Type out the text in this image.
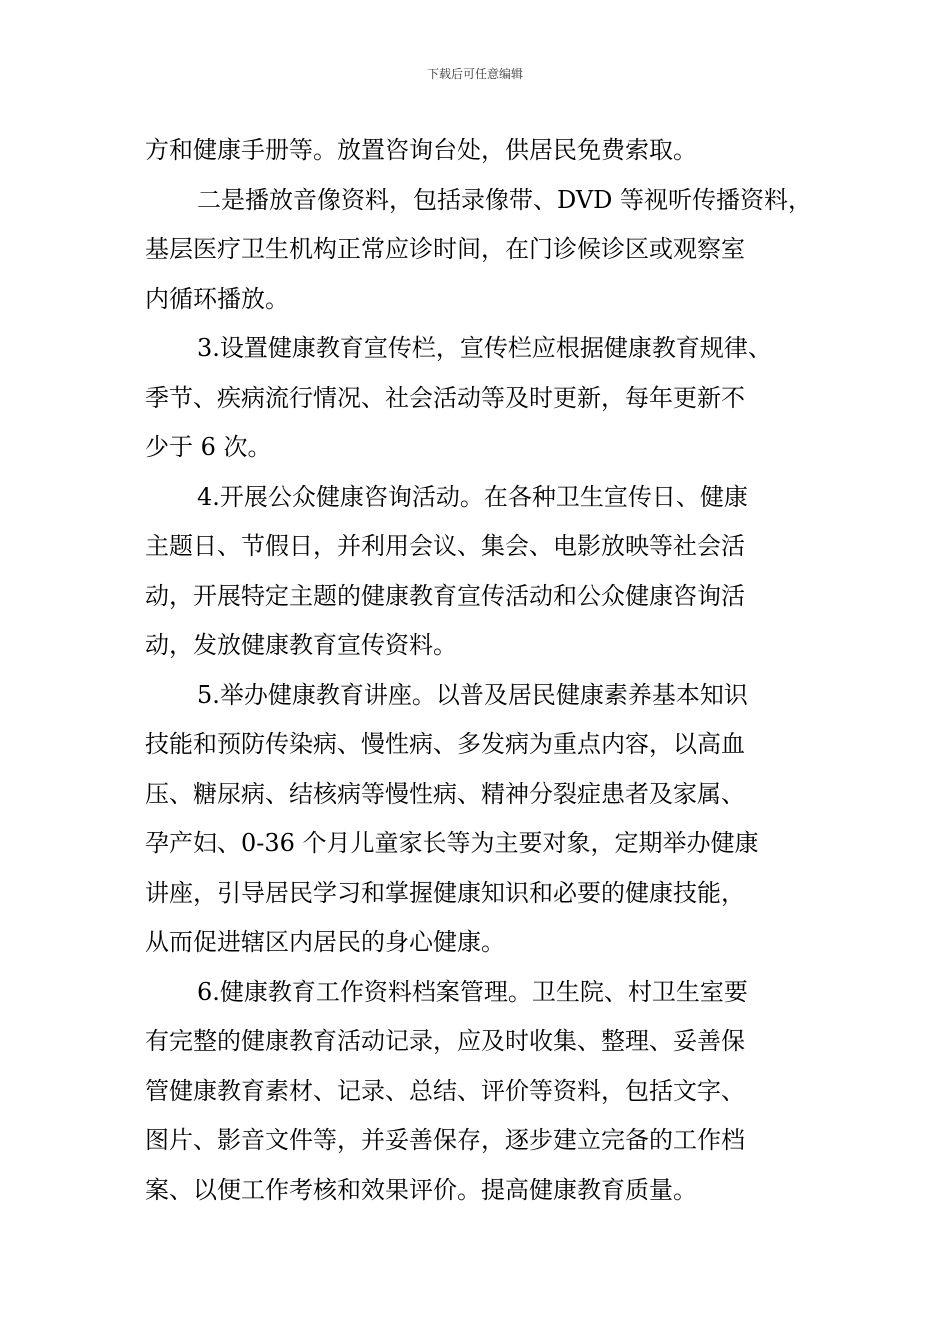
下载后可任意编辑
方和健康手册等。放置咨询台处，供居民免费索取。
二是播放音像资料，包括录像带、DVD 等视听传播资料，
基层医疗卫生机构正常应诊时间，在门诊候诊区或观察室
内循环播放。
3.设置健康教育宣传栏，宣传栏应根据健康教育规律、
季节、疾病流行情况、社会活动等及时更新，每年更新不
少于 6 次。
4.开展公众健康咨询活动。在各种卫生宣传日、健康
主题日、节假日，并利用会议、集会、电影放映等社会活
动，开展特定主题的健康教育宣传活动和公众健康咨询活
动，发放健康教育宣传资料。
5.举办健康教育讲座。以普及居民健康素养基本知识
技能和预防传染病、慢性病、多发病为重点内容，以高血
压、糖尿病、结核病等慢性病、精神分裂症患者及家属、
孕产妇、0-36 个月儿童家长等为主要对象，定期举办健康
讲座，引导居民学习和掌握健康知识和必要的健康技能，
从而促进辖区内居民的身心健康。
6.健康教育工作资料档案管理。卫生院、村卫生室要
有完整的健康教育活动记录，应及时收集、整理、妥善保
管健康教育素材、记录、总结、评价等资料，包括文字、
图片、影音文件等，并妥善保存，逐步建立完备的工作档
案、以便工作考核和效果评价。提高健康教育质量。
